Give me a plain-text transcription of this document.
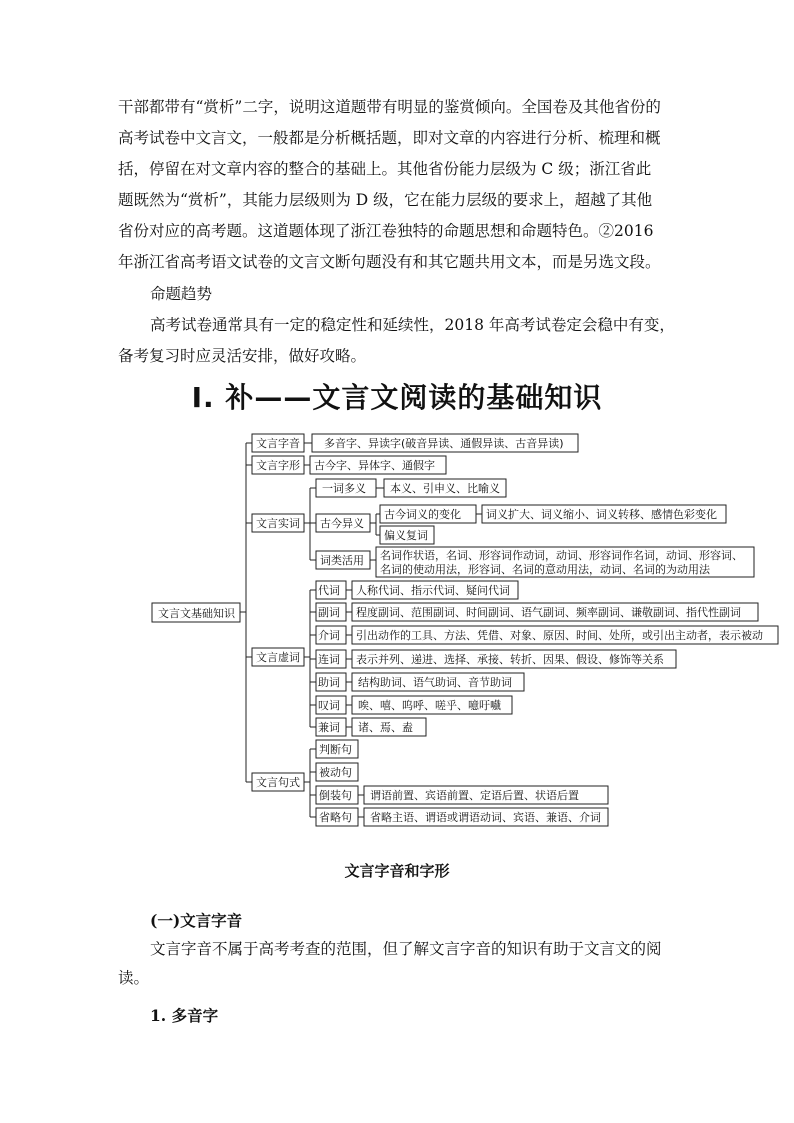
干部都带有“赏析”二字，说明这道题带有明显的鉴赏倾向。全国卷及其他省份的

高考试卷中文言文，一般都是分析概括题，即对文章的内容进行分析、梳理和概

括，停留在对文章内容的整合的基础上。其他省份能力层级为 C 级；浙江省此

题既然为“赏析”，其能力层级则为 D 级，它在能力层级的要求上，超越了其他

省份对应的高考题。这道题体现了浙江卷独特的命题思想和命题特色。②2016

年浙江省高考语文试卷的文言文断句题没有和其它题共用文本，而是另选文段。

命题趋势

高考试卷通常具有一定的稳定性和延续性，2018 年高考试卷定会稳中有变，

备考复习时应灵活安排，做好攻略。

Ⅰ. 补——文言文阅读的基础知识
文言文基础知识
文言字音
文言字形
文言实词
文言虚词
文言句式
多音字、异读字(破音异读、通假异读、古音异读)
古今字、异体字、通假字
一词多义 本义、引申义、比喻义
古今异义
古今词义的变化 词义扩大、词义缩小、词义转移、感情色彩变化
偏义复词
词类活用 名词作状语，名词、形容词作动词，动词、形容词作名词，动词、形容词、
名词的使动用法，形容词、名词的意动用法，动词、名词的为动用法
代词 人称代词、指示代词、疑问代词
副词 程度副词、范围副词、时间副词、语气副词、频率副词、谦敬副词、指代性副词
介词 引出动作的工具、方法、凭借、对象、原因、时间、处所，或引出主动者，表示被动
连词 表示并列、递进、选择、承接、转折、因果、假设、修饰等关系
助词 结构助词、语气助词、音节助词
叹词 唉、嘻、呜呼、嗟乎、噫吁嚱
兼词 诸、焉、盍
判断句
被动句
倒装句 谓语前置、宾语前置、定语后置、状语后置
省略句 省略主语、谓语或谓语动词、宾语、兼语、介词
文言字音和字形

(一)文言字音

文言字音不属于高考考查的范围，但了解文言字音的知识有助于文言文的阅

读。

1. 多音字
